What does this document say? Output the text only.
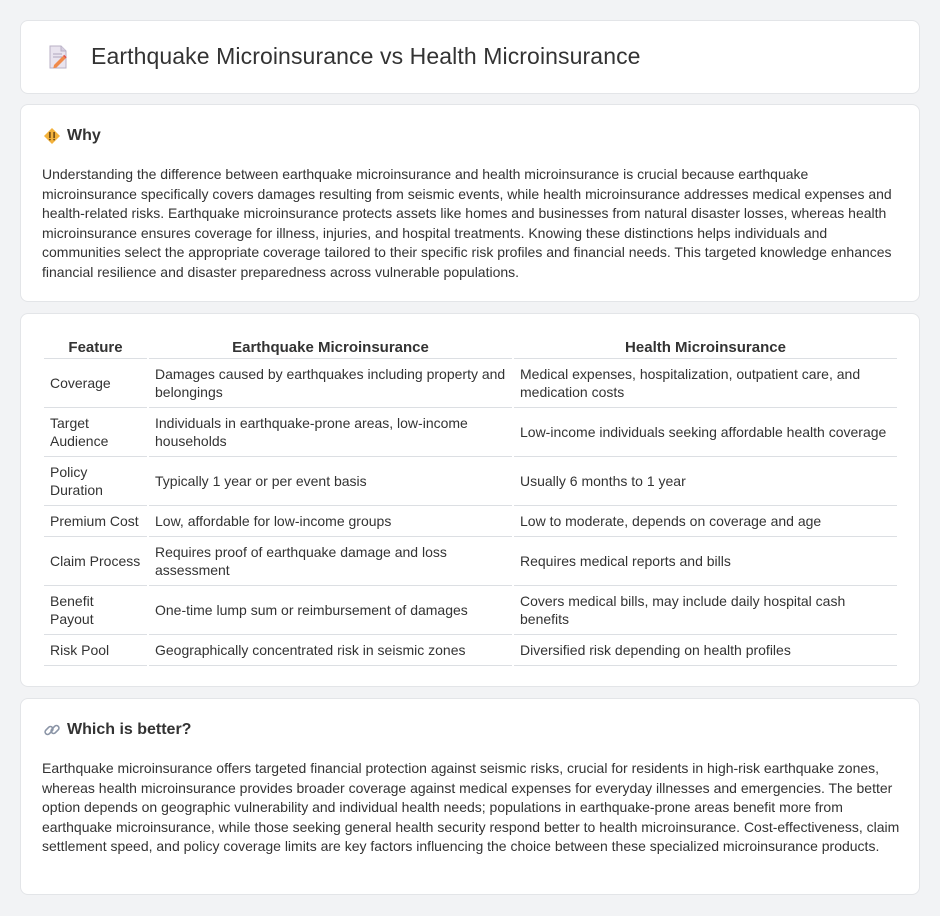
Earthquake Microinsurance vs Health Microinsurance
Why

Understanding the difference between earthquake microinsurance and health microinsurance is crucial because earthquake microinsurance specifically covers damages resulting from seismic events, while health microinsurance addresses medical expenses and health-related risks. Earthquake microinsurance protects assets like homes and businesses from natural disaster losses, whereas health microinsurance ensures coverage for illness, injuries, and hospital treatments. Knowing these distinctions helps individuals and communities select the appropriate coverage tailored to their specific risk profiles and financial needs. This targeted knowledge enhances financial resilience and disaster preparedness across vulnerable populations.

Feature	Earthquake Microinsurance	Health Microinsurance
Coverage	Damages caused by earthquakes including property and belongings	Medical expenses, hospitalization, outpatient care, and medication costs
Target Audience	Individuals in earthquake-prone areas, low-income households	Low-income individuals seeking affordable health coverage
Policy Duration	Typically 1 year or per event basis	Usually 6 months to 1 year
Premium Cost	Low, affordable for low-income groups	Low to moderate, depends on coverage and age
Claim Process	Requires proof of earthquake damage and loss assessment	Requires medical reports and bills
Benefit Payout	One-time lump sum or reimbursement of damages	Covers medical bills, may include daily hospital cash benefits
Risk Pool	Geographically concentrated risk in seismic zones	Diversified risk depending on health profiles
Which is better?

Earthquake microinsurance offers targeted financial protection against seismic risks, crucial for residents in high-risk earthquake zones, whereas health microinsurance provides broader coverage against medical expenses for everyday illnesses and emergencies. The better option depends on geographic vulnerability and individual health needs; populations in earthquake-prone areas benefit more from earthquake microinsurance, while those seeking general health security respond better to health microinsurance. Cost-effectiveness, claim settlement speed, and policy coverage limits are key factors influencing the choice between these specialized microinsurance products.
